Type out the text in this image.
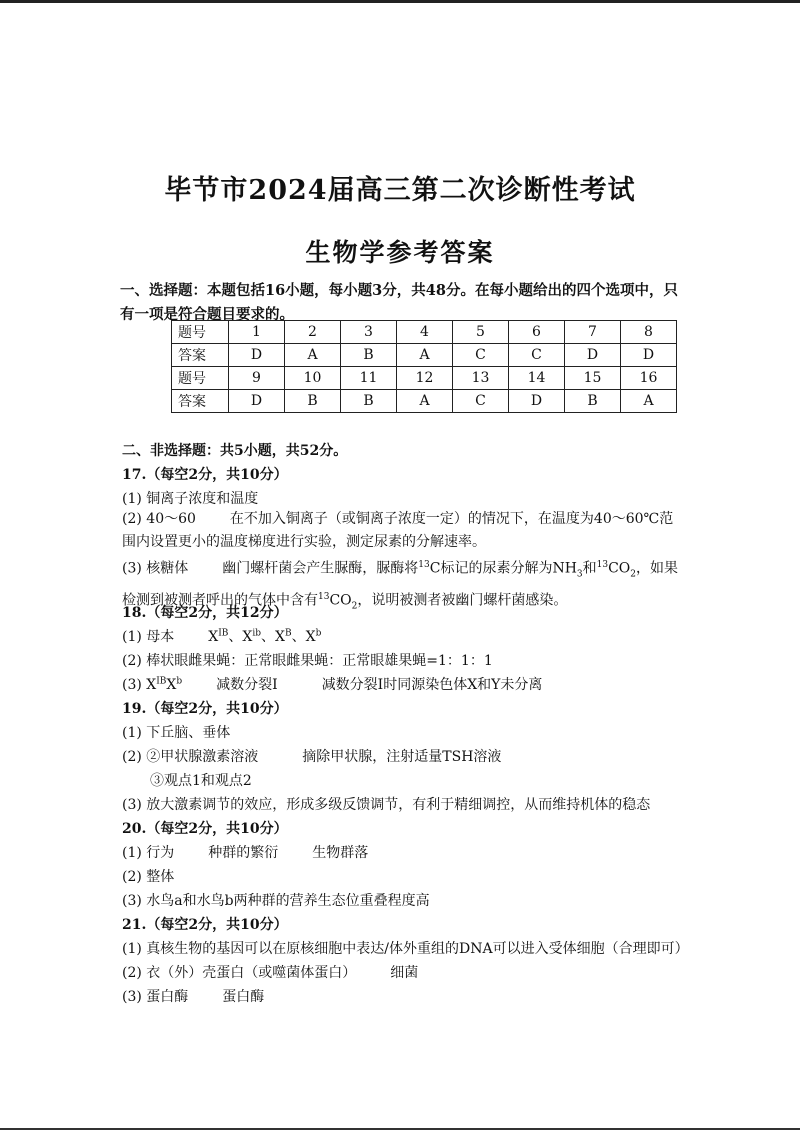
毕节市2024届高三第二次诊断性考试
生物学参考答案
一、选择题：本题包括16小题，每小题3分，共48分。在每小题给出的四个选项中，只有一项是符合题目要求的。
题号	1	2	3	4	5	6	7	8
答案	D	A	B	A	C	C	D	D
题号	9	10	11	12	13	14	15	16
答案	D	B	B	A	C	D	B	A
二、非选择题：共5小题，共52分。
17.（每空2分，共10分）
(1) 铜离子浓度和温度
(2) 40～60 在不加入铜离子（或铜离子浓度一定）的情况下，在温度为40～60℃范围内设置更小的温度梯度进行实验，测定尿素的分解速率。
(3) 核糖体 幽门螺杆菌会产生脲酶，脲酶将$^{13}$C标记的尿素分解为$NH_3$和$^{13}CO_2$，如果检测到被测者呼出的气体中含有$^{13}CO_2$，说明被测者被幽门螺杆菌感染。
18.（每空2分，共12分）
(1) 母本 $X^{IB}$、$X^{ib}$、$X^B$、$X^b$
(2) 棒状眼雌果蝇：正常眼雌果蝇：正常眼雄果蝇=1：1：1
(3) $X^{IB}X^b$ 减数分裂Ⅰ	减数分裂Ⅰ时同源染色体X和Y未分离
19.（每空2分，共10分）
(1) 下丘脑、垂体
(2) ②甲状腺激素溶液	摘除甲状腺，注射适量TSH溶液
③观点1和观点2
(3) 放大激素调节的效应，形成多级反馈调节，有利于精细调控，从而维持机体的稳态
20.（每空2分，共10分）
(1) 行为 种群的繁衍 生物群落
(2) 整体
(3) 水鸟a和水鸟b两种群的营养生态位重叠程度高
21.（每空2分，共10分）
(1) 真核生物的基因可以在原核细胞中表达/体外重组的DNA可以进入受体细胞（合理即可）
(2) 衣（外）壳蛋白（或噬菌体蛋白） 细菌
(3) 蛋白酶 蛋白酶
